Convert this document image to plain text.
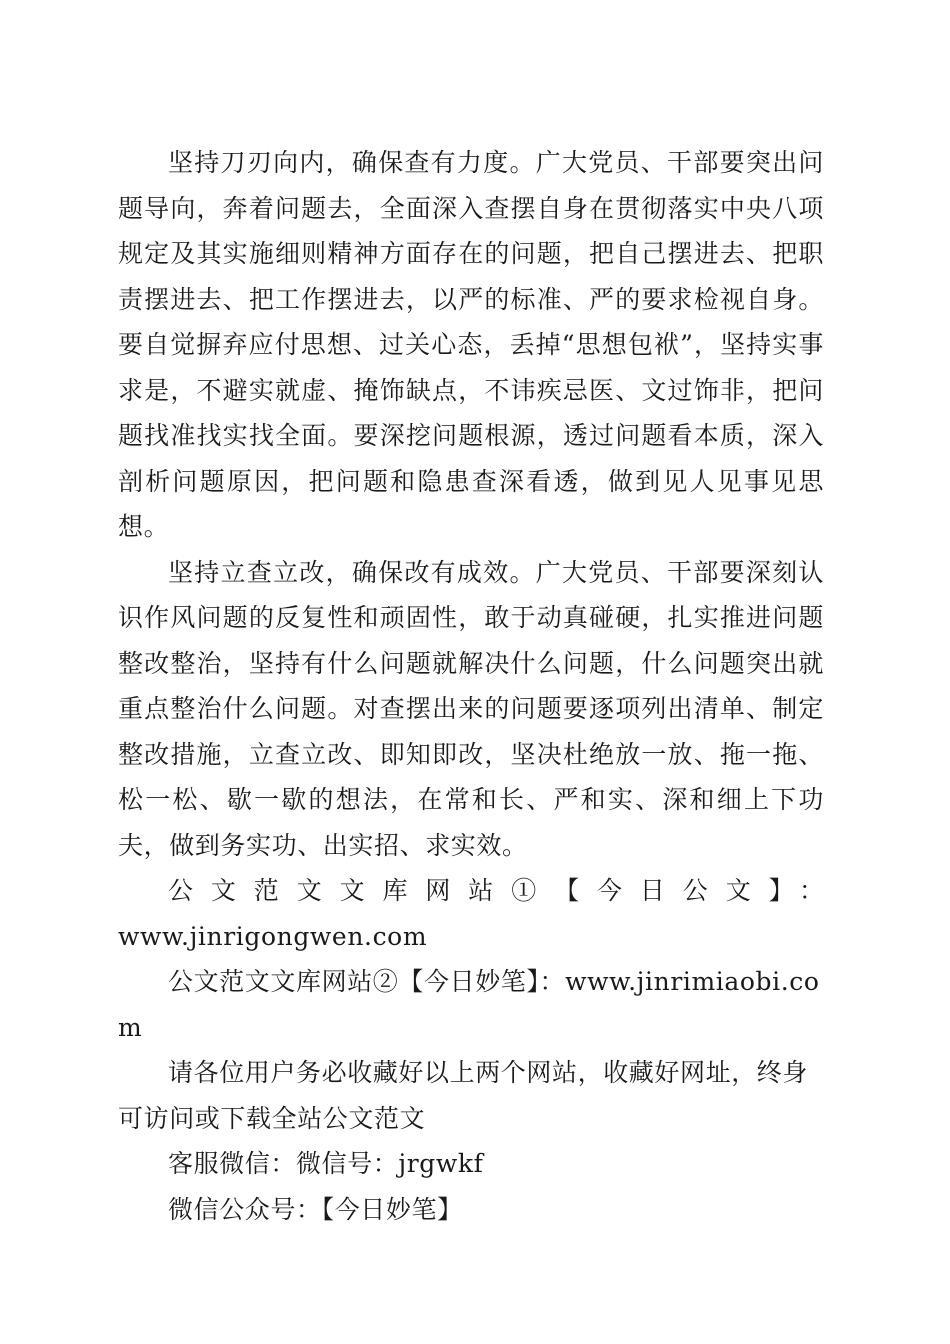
坚持刀刃向内，确保查有力度。广大党员、干部要突出问题导向，奔着问题去，全面深入查摆自身在贯彻落实中央八项规定及其实施细则精神方面存在的问题，把自己摆进去、把职责摆进去、把工作摆进去，以严的标准、严的要求检视自身。要自觉摒弃应付思想、过关心态，丢掉“思想包袱”，坚持实事求是，不避实就虚、掩饰缺点，不讳疾忌医、文过饰非，把问题找准找实找全面。要深挖问题根源，透过问题看本质，深入剖析问题原因，把问题和隐患查深看透，做到见人见事见思想。

坚持立查立改，确保改有成效。广大党员、干部要深刻认识作风问题的反复性和顽固性，敢于动真碰硬，扎实推进问题整改整治，坚持有什么问题就解决什么问题，什么问题突出就重点整治什么问题。对查摆出来的问题要逐项列出清单、制定整改措施，立查立改、即知即改，坚决杜绝放一放、拖一拖、松一松、歇一歇的想法，在常和长、严和实、深和细上下功夫，做到务实功、出实招、求实效。

公文范文文库网站①【今日公文】：

www.jinrigongwen.com

公文范文文库网站②【今日妙笔】：www.jinrimiaobi.com

请各位用户务必收藏好以上两个网站，收藏好网址，终身可访问或下载全站公文范文

客服微信：微信号：jrgwkf

微信公众号：【今日妙笔】
